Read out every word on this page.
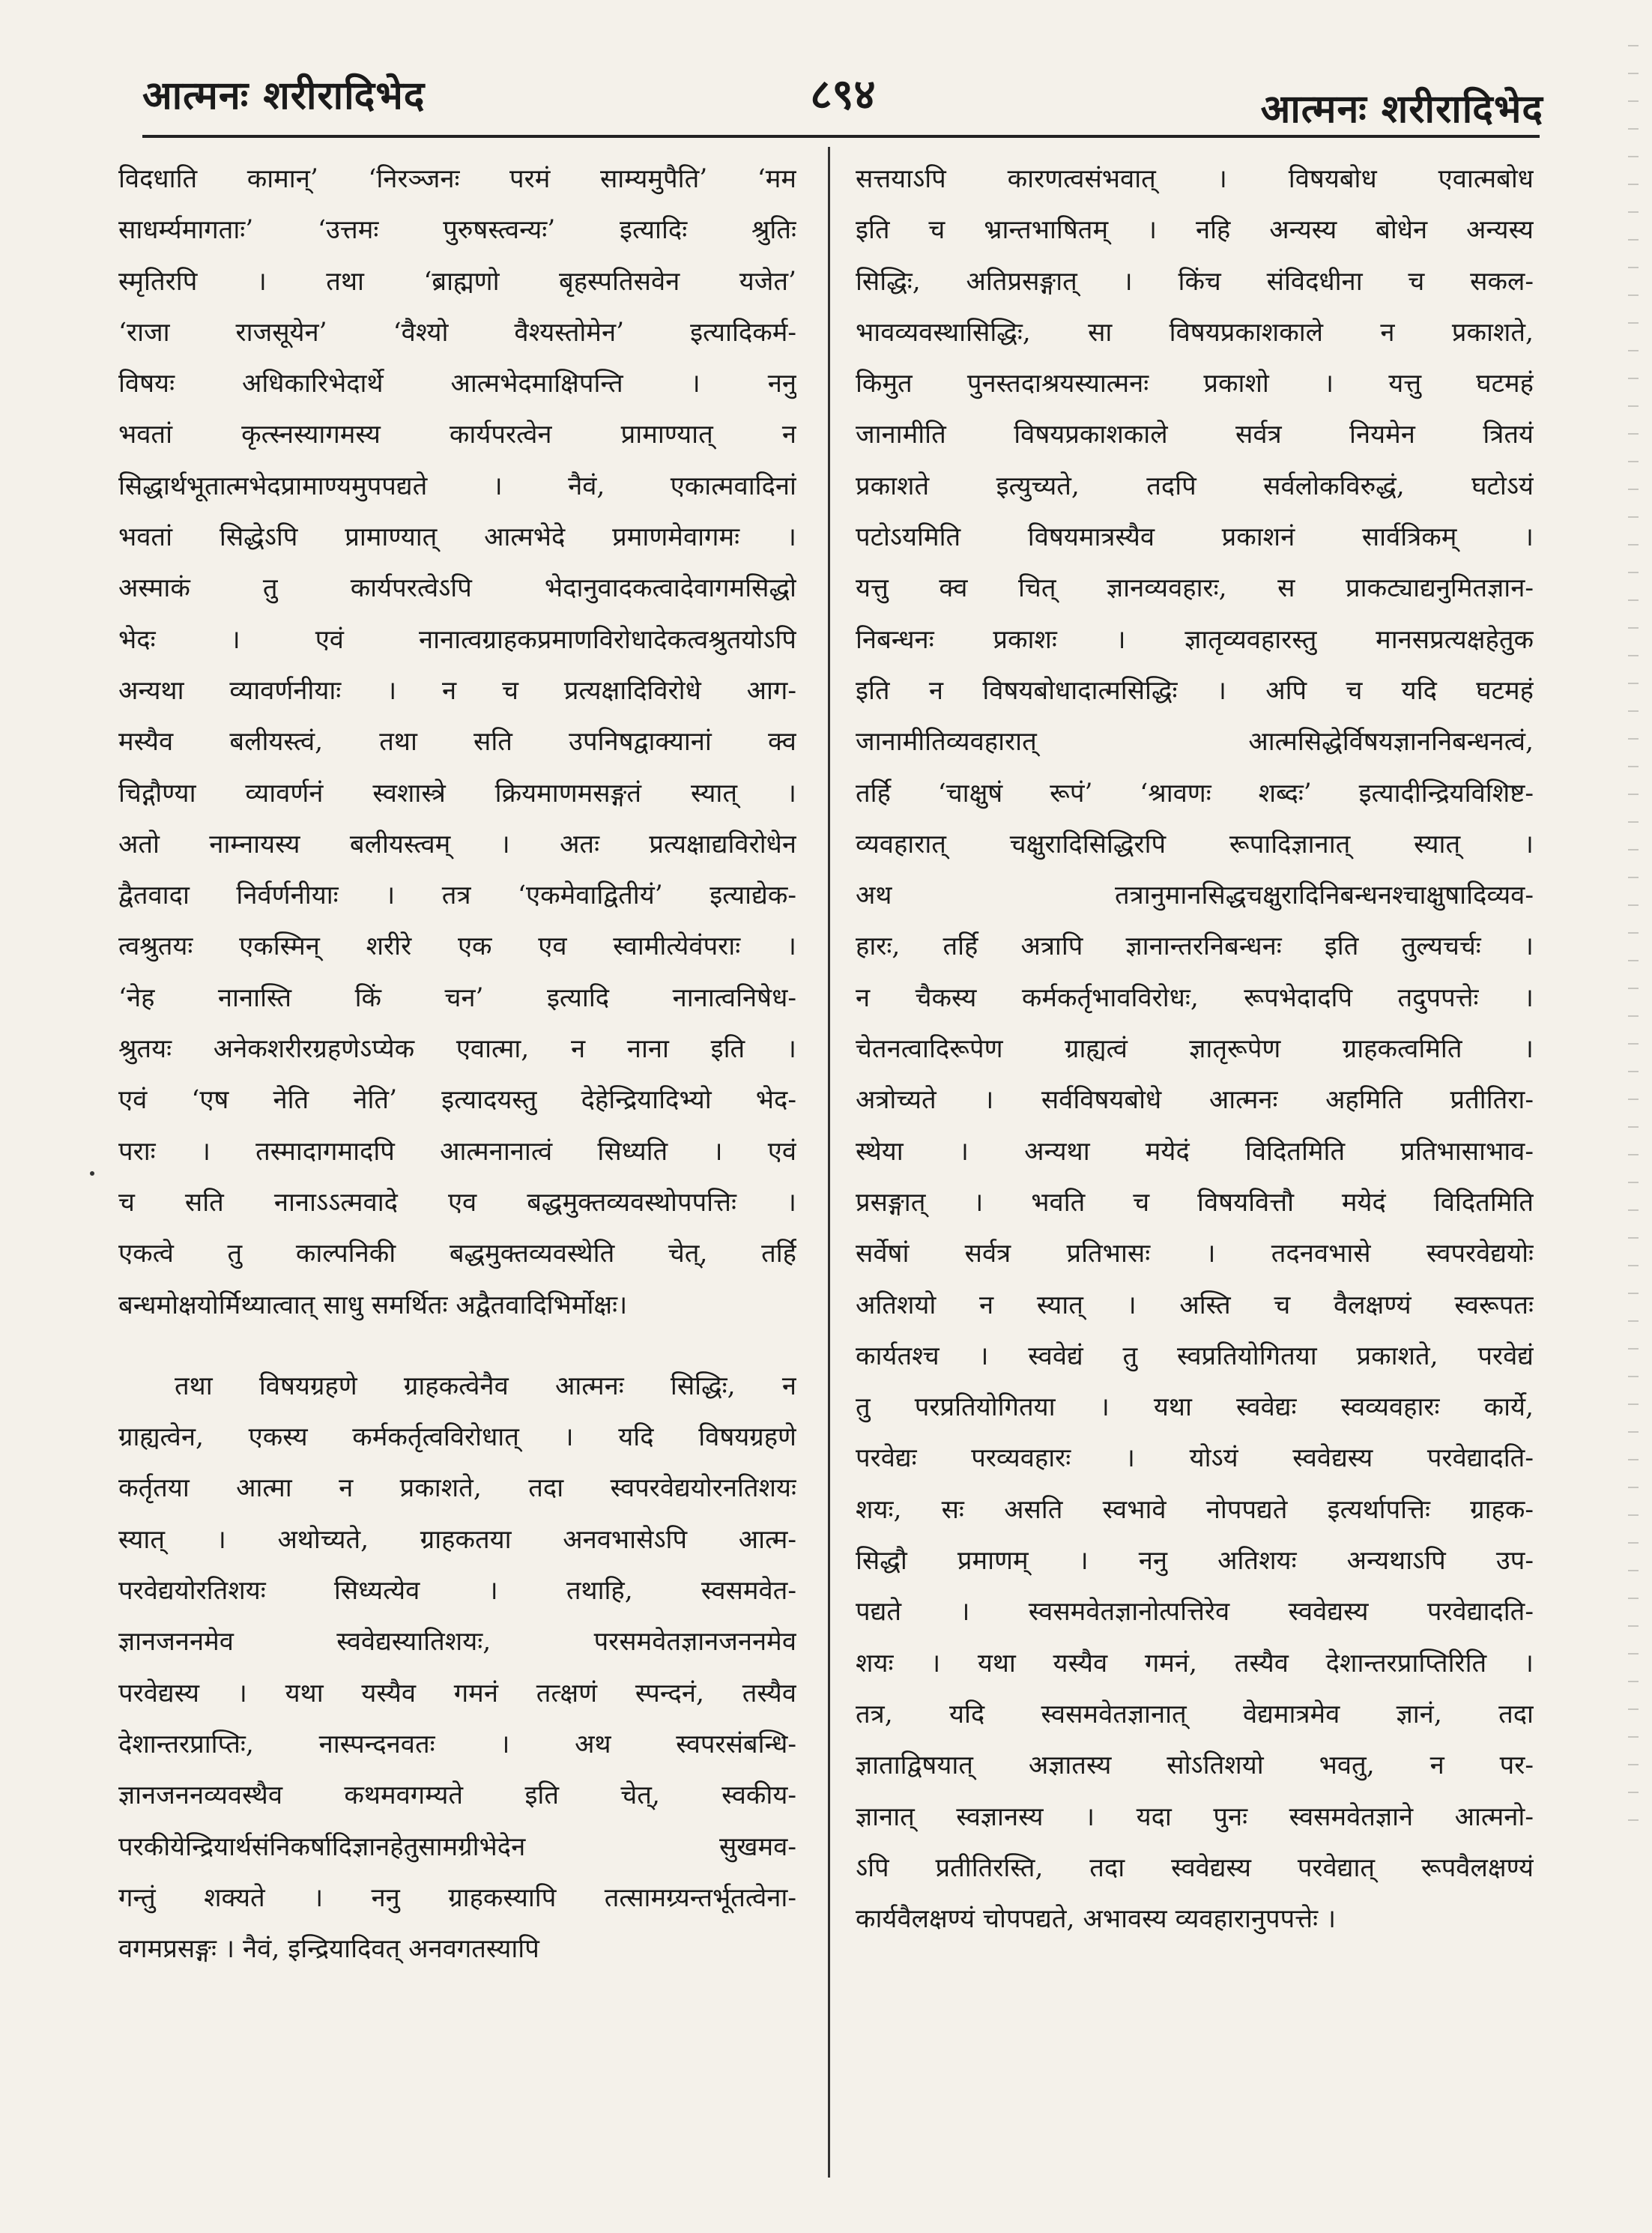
आत्मनः शरीरादिभेद	८९४	आत्मनः शरीरादिभेद
विदधाति कामान्’ ‘निरञ्जनः परमं साम्यमुपैति’ ‘मम
साधर्म्यमागताः’ ‘उत्तमः पुरुषस्त्वन्यः’ इत्यादिः श्रुतिः
स्मृतिरपि । तथा ‘ब्राह्मणो बृहस्पतिसवेन यजेत’
‘राजा राजसूयेन’ ‘वैश्यो वैश्यस्तोमेन’ इत्यादिकर्म-
विषयः अधिकारिभेदार्थे आत्मभेदमाक्षिपन्ति । ननु
भवतां कृत्स्नस्यागमस्य कार्यपरत्वेन प्रामाण्यात् न
सिद्धार्थभूतात्मभेदप्रामाण्यमुपपद्यते । नैवं, एकात्मवादिनां
भवतां सिद्धेऽपि प्रामाण्यात् आत्मभेदे प्रमाणमेवागमः ।
अस्माकं तु कार्यपरत्वेऽपि भेदानुवादकत्वादेवागमसिद्धो
भेदः । एवं नानात्वग्राहकप्रमाणविरोधादेकत्वश्रुतयोऽपि
अन्यथा व्यावर्णनीयाः । न च प्रत्यक्षादिविरोधे आग-
मस्यैव बलीयस्त्वं, तथा सति उपनिषद्वाक्यानां क्व
चिद्गौण्या व्यावर्णनं स्वशास्त्रे क्रियमाणमसङ्गतं स्यात् ।
अतो नाम्नायस्य बलीयस्त्वम् । अतः प्रत्यक्षाद्यविरोधेन
द्वैतवादा निर्वर्णनीयाः । तत्र ‘एकमेवाद्वितीयं’ इत्याद्येक-
त्वश्रुतयः एकस्मिन् शरीरे एक एव स्वामीत्येवंपराः ।
‘नेह नानास्ति किं चन’ इत्यादि नानात्वनिषेध-
श्रुतयः अनेकशरीरग्रहणेऽप्येक एवात्मा, न नाना इति ।
एवं ‘एष नेति नेति’ इत्यादयस्तु देहेन्द्रियादिभ्यो भेद-
पराः । तस्मादागमादपि आत्मनानात्वं सिध्यति । एवं
च सति नानाऽऽत्मवादे एव बद्धमुक्तव्यवस्थोपपत्तिः ।
एकत्वे तु काल्पनिकी बद्धमुक्तव्यवस्थेति चेत्, तर्हि
बन्धमोक्षयोर्मिथ्यात्वात् साधु समर्थितः अद्वैतवादिभिर्मोक्षः।
तथा विषयग्रहणे ग्राहकत्वेनैव आत्मनः सिद्धिः, न
ग्राह्यत्वेन, एकस्य कर्मकर्तृत्वविरोधात् । यदि विषयग्रहणे
कर्तृतया आत्मा न प्रकाशते, तदा स्वपरवेद्ययोरनतिशयः
स्यात् । अथोच्यते, ग्राहकतया अनवभासेऽपि आत्म-
परवेद्ययोरतिशयः सिध्यत्येव । तथाहि, स्वसमवेत-
ज्ञानजननमेव स्ववेद्यस्यातिशयः, परसमवेतज्ञानजननमेव
परवेद्यस्य । यथा यस्यैव गमनं तत्क्षणं स्पन्दनं, तस्यैव
देशान्तरप्राप्तिः, नास्पन्दनवतः । अथ स्वपरसंबन्धि-
ज्ञानजननव्यवस्थैव कथमवगम्यते इति चेत्, स्वकीय-
परकीयेन्द्रियार्थसंनिकर्षादिज्ञानहेतुसामग्रीभेदेन सुखमव-
गन्तुं शक्यते । ननु ग्राहकस्यापि तत्सामग्र्यन्तर्भूतत्वेना-
वगमप्रसङ्गः । नैवं, इन्द्रियादिवत् अनवगतस्यापि
सत्तयाऽपि कारणत्वसंभवात् । विषयबोध एवात्मबोध
इति च भ्रान्तभाषितम् । नहि अन्यस्य बोधेन अन्यस्य
सिद्धिः, अतिप्रसङ्गात् । किंच संविदधीना च सकल-
भावव्यवस्थासिद्धिः, सा विषयप्रकाशकाले न प्रकाशते,
किमुत पुनस्तदाश्रयस्यात्मनः प्रकाशो । यत्तु घटमहं
जानामीति विषयप्रकाशकाले सर्वत्र नियमेन त्रितयं
प्रकाशते इत्युच्यते, तदपि सर्वलोकविरुद्धं, घटोऽयं
पटोऽयमिति विषयमात्रस्यैव प्रकाशनं सार्वत्रिकम् ।
यत्तु क्व चित् ज्ञानव्यवहारः, स प्राकट्याद्यनुमितज्ञान-
निबन्धनः प्रकाशः । ज्ञातृव्यवहारस्तु मानसप्रत्यक्षहेतुक
इति न विषयबोधादात्मसिद्धिः । अपि च यदि घटमहं
जानामीतिव्यवहारात् आत्मसिद्धेर्विषयज्ञाननिबन्धनत्वं,
तर्हि ‘चाक्षुषं रूपं’ ‘श्रावणः शब्दः’ इत्यादीन्द्रियविशिष्ट-
व्यवहारात् चक्षुरादिसिद्धिरपि रूपादिज्ञानात् स्यात् ।
अथ तत्रानुमानसिद्धचक्षुरादिनिबन्धनश्चाक्षुषादिव्यव-
हारः, तर्हि अत्रापि ज्ञानान्तरनिबन्धनः इति तुल्यचर्चः ।
न चैकस्य कर्मकर्तृभावविरोधः, रूपभेदादपि तदुपपत्तेः ।
चेतनत्वादिरूपेण ग्राह्यत्वं ज्ञातृरूपेण ग्राहकत्वमिति ।
अत्रोच्यते । सर्वविषयबोधे आत्मनः अहमिति प्रतीतिरा-
स्थेया । अन्यथा मयेदं विदितमिति प्रतिभासाभाव-
प्रसङ्गात् । भवति च विषयवित्तौ मयेदं विदितमिति
सर्वेषां सर्वत्र प्रतिभासः । तदनवभासे स्वपरवेद्ययोः
अतिशयो न स्यात् । अस्ति च वैलक्षण्यं स्वरूपतः
कार्यतश्च । स्ववेद्यं तु स्वप्रतियोगितया प्रकाशते, परवेद्यं
तु परप्रतियोगितया । यथा स्ववेद्यः स्वव्यवहारः कार्ये,
परवेद्यः परव्यवहारः । योऽयं स्ववेद्यस्य परवेद्यादति-
शयः, सः असति स्वभावे नोपपद्यते इत्यर्थापत्तिः ग्राहक-
सिद्धौ प्रमाणम् । ननु अतिशयः अन्यथाऽपि उप-
पद्यते । स्वसमवेतज्ञानोत्पत्तिरेव स्ववेद्यस्य परवेद्यादति-
शयः । यथा यस्यैव गमनं, तस्यैव देशान्तरप्राप्तिरिति ।
तत्र, यदि स्वसमवेतज्ञानात् वेद्यमात्रमेव ज्ञानं, तदा
ज्ञाताद्विषयात् अज्ञातस्य सोऽतिशयो भवतु, न पर-
ज्ञानात् स्वज्ञानस्य । यदा पुनः स्वसमवेतज्ञाने आत्मनो-
ऽपि प्रतीतिरस्ति, तदा स्ववेद्यस्य परवेद्यात् रूपवैलक्षण्यं
कार्यवैलक्षण्यं चोपपद्यते, अभावस्य व्यवहारानुपपत्तेः ।
